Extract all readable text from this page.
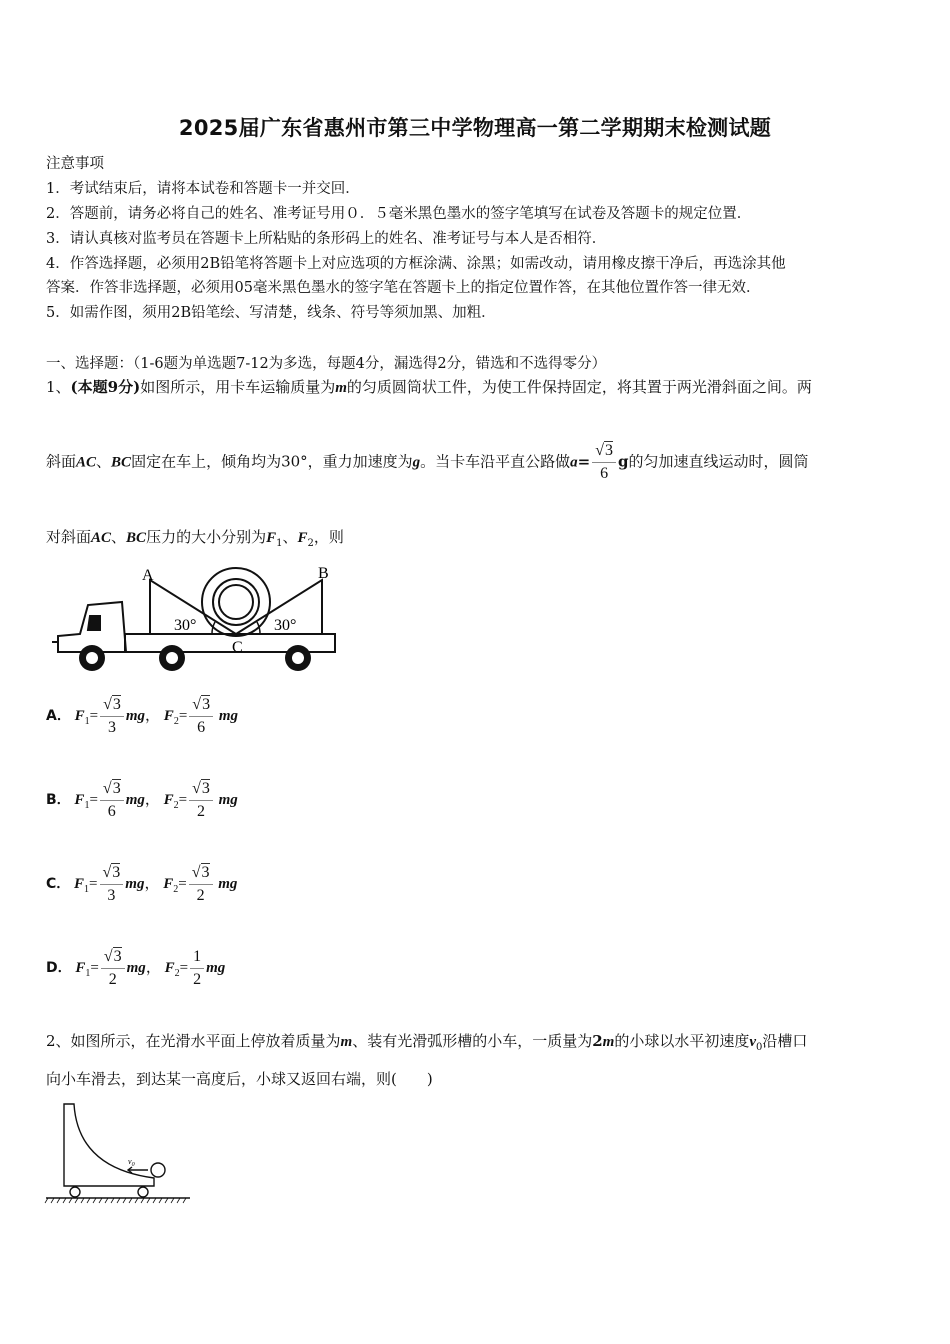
2025届广东省惠州市第三中学物理高一第二学期期末检测试题
注意事项
1．考试结束后，请将本试卷和答题卡一并交回．
2．答题前，请务必将自己的姓名、准考证号用０．５毫米黑色墨水的签字笔填写在试卷及答题卡的规定位置．
3．请认真核对监考员在答题卡上所粘贴的条形码上的姓名、准考证号与本人是否相符．
4．作答选择题，必须用2B铅笔将答题卡上对应选项的方框涂满、涂黑；如需改动，请用橡皮擦干净后，再选涂其他
答案．作答非选择题，必须用05毫米黑色墨水的签字笔在答题卡上的指定位置作答，在其他位置作答一律无效．
5．如需作图，须用2B铅笔绘、写清楚，线条、符号等须加黑、加粗．
一、选择题：（1-6题为单选题7-12为多选，每题4分，漏选得2分，错选和不选得零分）
1、(本题9分)如图所示，用卡车运输质量为m的匀质圆筒状工件，为使工件保持固定，将其置于两光滑斜面之间。两
斜面AC、BC固定在车上，倾角均为30°，重力加速度为g。当卡车沿平直公路做$a= \frac{√3}{6}$ g的匀加速直线运动时，圆筒
对斜面AC、BC压力的大小分别为$F_1$、$F_2$，则
A	B
C
30°	30°
A． $F_1= \frac{√3}{3}$ mg， $F_2= \frac{√3}{6}$ mg
B． $F_1= \frac{√3}{6}$ mg， $F_2= \frac{√3}{2}$ mg
C． $F_1= \frac{√3}{3}$ mg， $F_2= \frac{√3}{2}$ mg
D． $F_1= \frac{√3}{2}$ mg， $F_2= \frac{1}{2}$ mg
2、如图所示，在光滑水平面上停放着质量为m、装有光滑弧形槽的小车，一质量为2m的小球以水平初速度$v_0$沿槽口
向小车滑去，到达某一高度后，小球又返回右端，则(　　)
$v_0$
